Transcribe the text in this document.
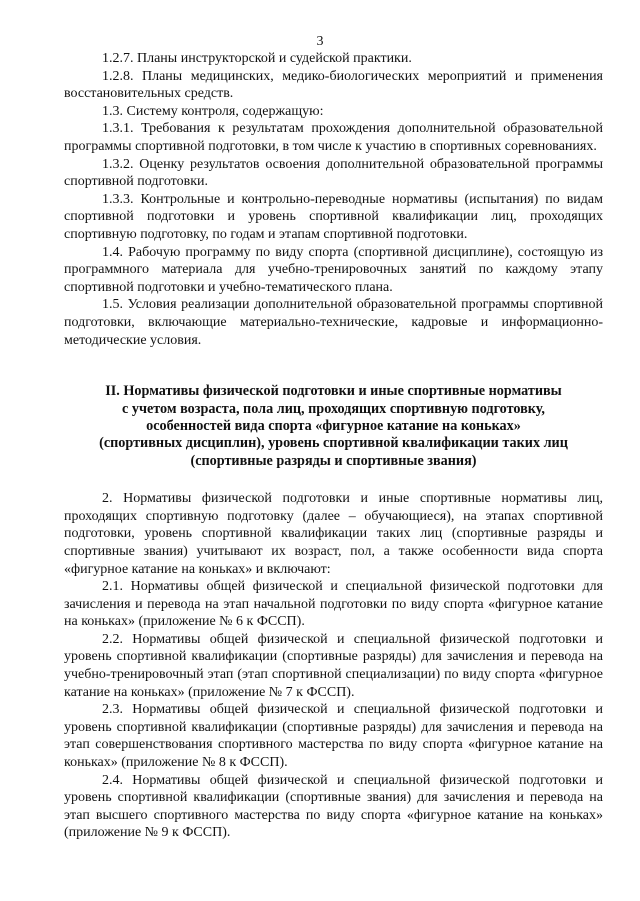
3

1.2.7. Планы инструкторской и судейской практики.

1.2.8. Планы медицинских, медико-биологических мероприятий и применения восстановительных средств.

1.3. Систему контроля, содержащую:

1.3.1. Требования к результатам прохождения дополнительной образовательной программы спортивной подготовки, в том числе к участию в спортивных соревнованиях.

1.3.2. Оценку результатов освоения дополнительной образовательной программы спортивной подготовки.

1.3.3. Контрольные и контрольно-переводные нормативы (испытания) по видам спортивной подготовки и уровень спортивной квалификации лиц, проходящих спортивную подготовку, по годам и этапам спортивной подготовки.

1.4. Рабочую программу по виду спорта (спортивной дисциплине), состоящую из программного материала для учебно-тренировочных занятий по каждому этапу спортивной подготовки и учебно-тематического плана.

1.5. Условия реализации дополнительной образовательной программы спортивной подготовки, включающие материально-технические, кадровые и информационно-методические условия.

II. Нормативы физической подготовки и иные спортивные нормативы
с учетом возраста, пола лиц, проходящих спортивную подготовку,
особенностей вида спорта «фигурное катание на коньках»
(спортивных дисциплин), уровень спортивной квалификации таких лиц
(спортивные разряды и спортивные звания)

2. Нормативы физической подготовки и иные спортивные нормативы лиц, проходящих спортивную подготовку (далее – обучающиеся), на этапах спортивной подготовки, уровень спортивной квалификации таких лиц (спортивные разряды и спортивные звания) учитывают их возраст, пол, а также особенности вида спорта «фигурное катание на коньках» и включают:

2.1. Нормативы общей физической и специальной физической подготовки для зачисления и перевода на этап начальной подготовки по виду спорта «фигурное катание на коньках» (приложение № 6 к ФССП).

2.2. Нормативы общей физической и специальной физической подготовки и уровень спортивной квалификации (спортивные разряды) для зачисления и перевода на учебно-тренировочный этап (этап спортивной специализации) по виду спорта «фигурное катание на коньках» (приложение № 7 к ФССП).

2.3. Нормативы общей физической и специальной физической подготовки и уровень спортивной квалификации (спортивные разряды) для зачисления и перевода на этап совершенствования спортивного мастерства по виду спорта «фигурное катание на коньках» (приложение № 8 к ФССП).

2.4. Нормативы общей физической и специальной физической подготовки и уровень спортивной квалификации (спортивные звания) для зачисления и перевода на этап высшего спортивного мастерства по виду спорта «фигурное катание на коньках» (приложение № 9 к ФССП).
